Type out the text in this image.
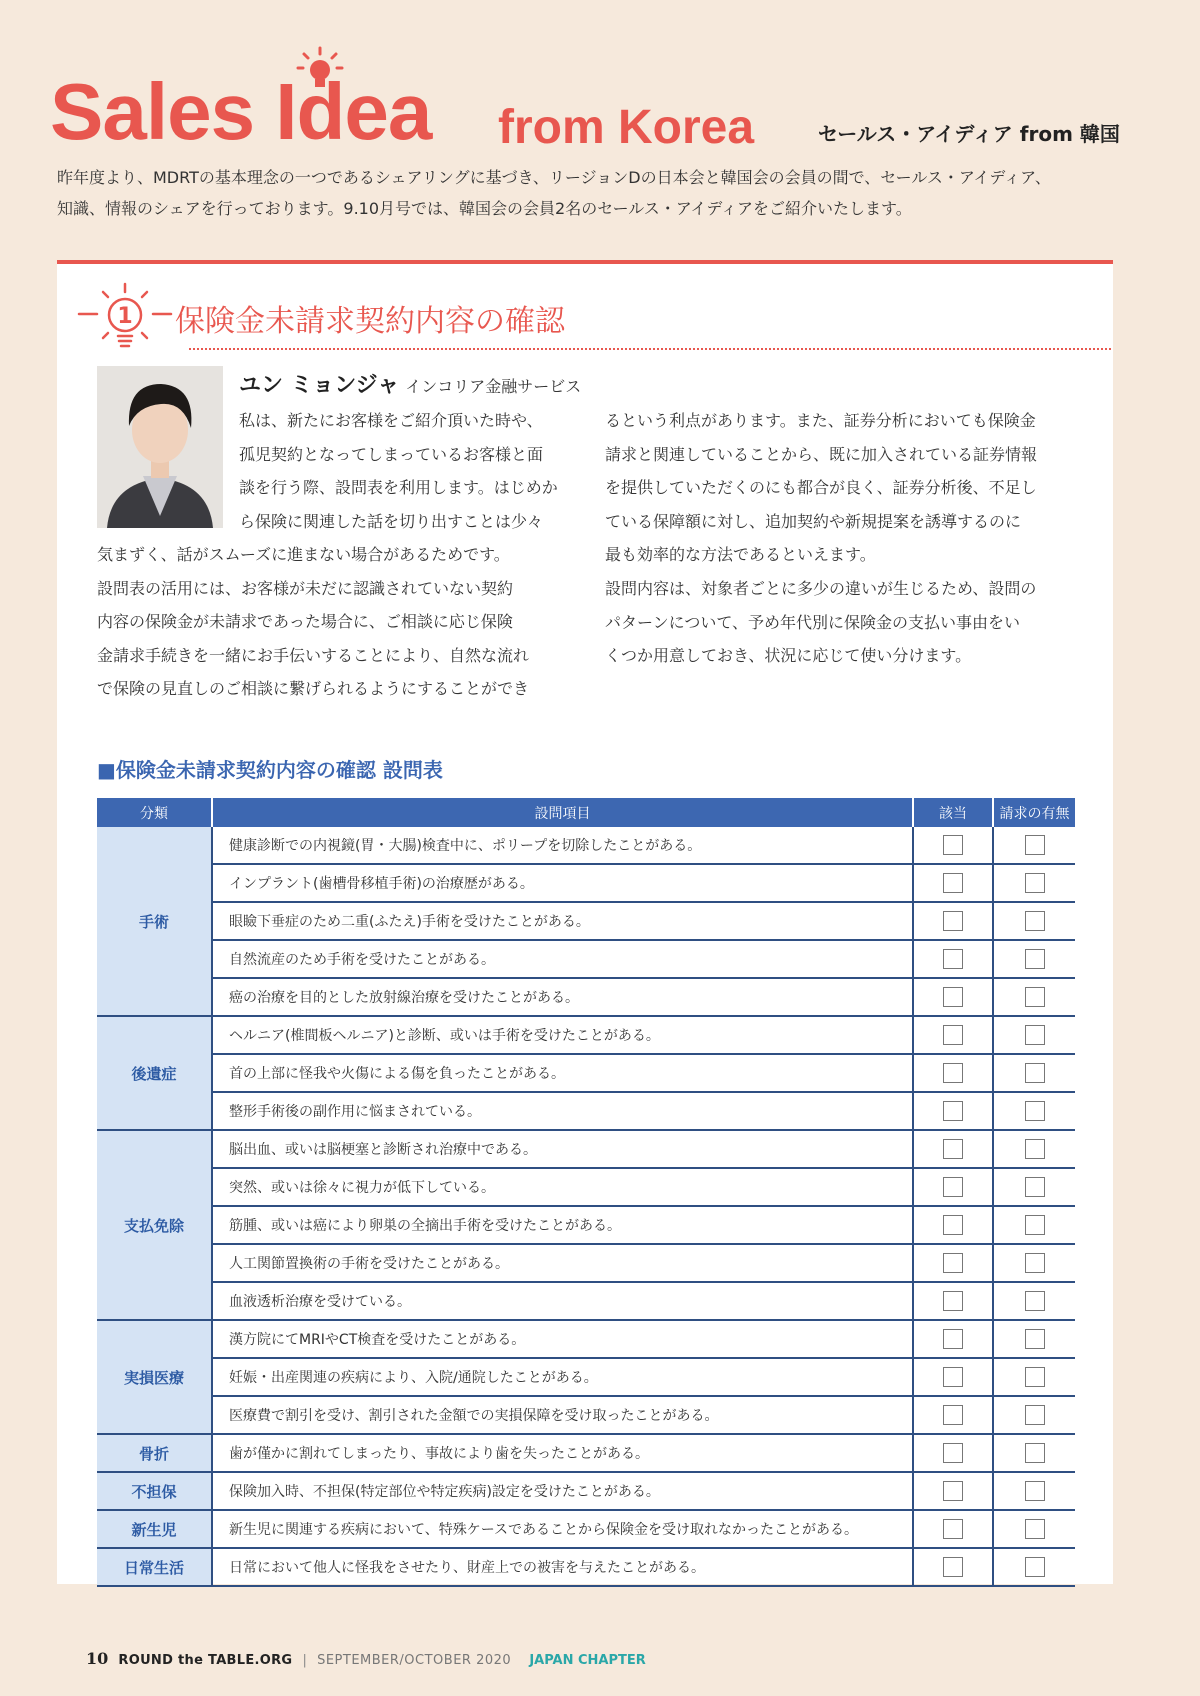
Sales Idea from Korea	セールス・アイディア from 韓国
昨年度より、MDRTの基本理念の一つであるシェアリングに基づき、リージョンDの日本会と韓国会の会員の間で、セールス・アイディア、
知識、情報のシェアを行っております。9.10月号では、韓国会の会員2名のセールス・アイディアをご紹介いたします。
1 保険金未請求契約内容の確認
ユン ミョンジャ インコリア金融サービス

私は、新たにお客様をご紹介頂いた時や、

孤児契約となってしまっているお客様と面

談を行う際、設問表を利用します。はじめか

ら保険に関連した話を切り出すことは少々

気まずく、話がスムーズに進まない場合があるためです。

設問表の活用には、お客様が未だに認識されていない契約

内容の保険金が未請求であった場合に、ご相談に応じ保険

金請求手続きを一緒にお手伝いすることにより、自然な流れ

で保険の見直しのご相談に繋げられるようにすることができ

るという利点があります。また、証券分析においても保険金

請求と関連していることから、既に加入されている証券情報

を提供していただくのにも都合が良く、証券分析後、不足し

ている保障額に対し、追加契約や新規提案を誘導するのに

最も効率的な方法であるといえます。

設問内容は、対象者ごとに多少の違いが生じるため、設問の

パターンについて、予め年代別に保険金の支払い事由をい

くつか用意しておき、状況に応じて使い分けます。

■保険金未請求契約内容の確認 設問表
分類	設問項目	該当	請求の有無
手術	健康診断での内視鏡(胃・大腸)検査中に、ポリープを切除したことがある。		
	インプラント(歯槽骨移植手術)の治療歴がある。		
	眼瞼下垂症のため二重(ふたえ)手術を受けたことがある。		
	自然流産のため手術を受けたことがある。		
	癌の治療を目的とした放射線治療を受けたことがある。		
後遺症	ヘルニア(椎間板ヘルニア)と診断、或いは手術を受けたことがある。		
	首の上部に怪我や火傷による傷を負ったことがある。		
	整形手術後の副作用に悩まされている。		
支払免除	脳出血、或いは脳梗塞と診断され治療中である。		
	突然、或いは徐々に視力が低下している。		
	筋腫、或いは癌により卵巣の全摘出手術を受けたことがある。		
	人工関節置換術の手術を受けたことがある。		
	血液透析治療を受けている。		
実損医療	漢方院にてMRIやCT検査を受けたことがある。		
	妊娠・出産関連の疾病により、入院/通院したことがある。		
	医療費で割引を受け、割引された金額での実損保障を受け取ったことがある。		
骨折	歯が僅かに割れてしまったり、事故により歯を失ったことがある。		
不担保	保険加入時、不担保(特定部位や特定疾病)設定を受けたことがある。		
新生児	新生児に関連する疾病において、特殊ケースであることから保険金を受け取れなかったことがある。		
日常生活	日常において他人に怪我をさせたり、財産上での被害を与えたことがある。		
10 ROUND the TABLE.ORG | SEPTEMBER/OCTOBER 2020 JAPAN CHAPTER
